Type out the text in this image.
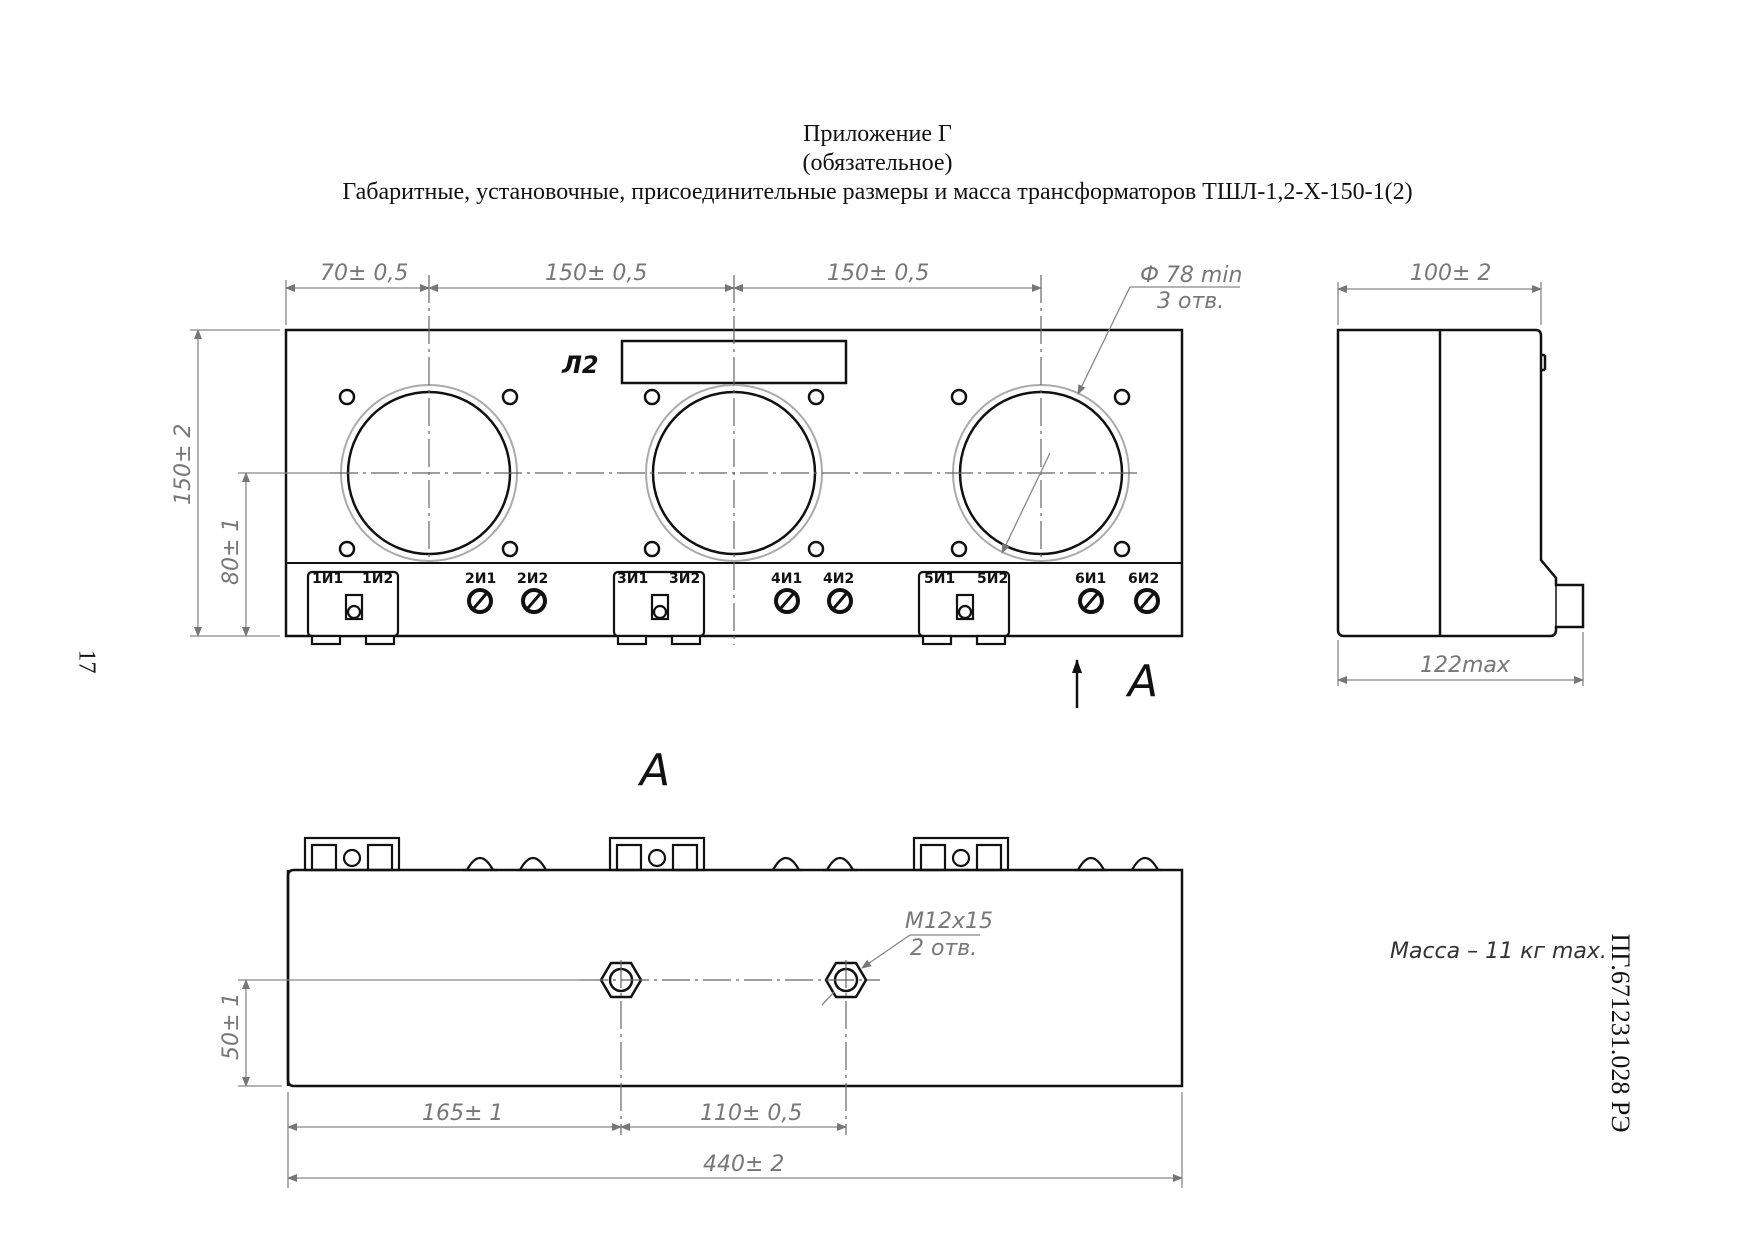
Приложение Г
(обязательное)
Габаритные, установочные, присоединительные размеры и масса трансформаторов ТШЛ-1,2-Х-150-1(2)
17
ПГ.671231.028 РЭ
Л2
1И1 1И2	2И1 2И2	3И1 3И2	4И1 4И2	5И1 5И2	6И1 6И2
А
70± 0,5	150± 0,5	150± 0,5	Ф 78 min
3 отв.
150± 2
80± 1
100± 2
122max
А
М12х15
2 отв.
50± 1
165± 1	110± 0,5
440± 2
Масса – 11 кг max.
